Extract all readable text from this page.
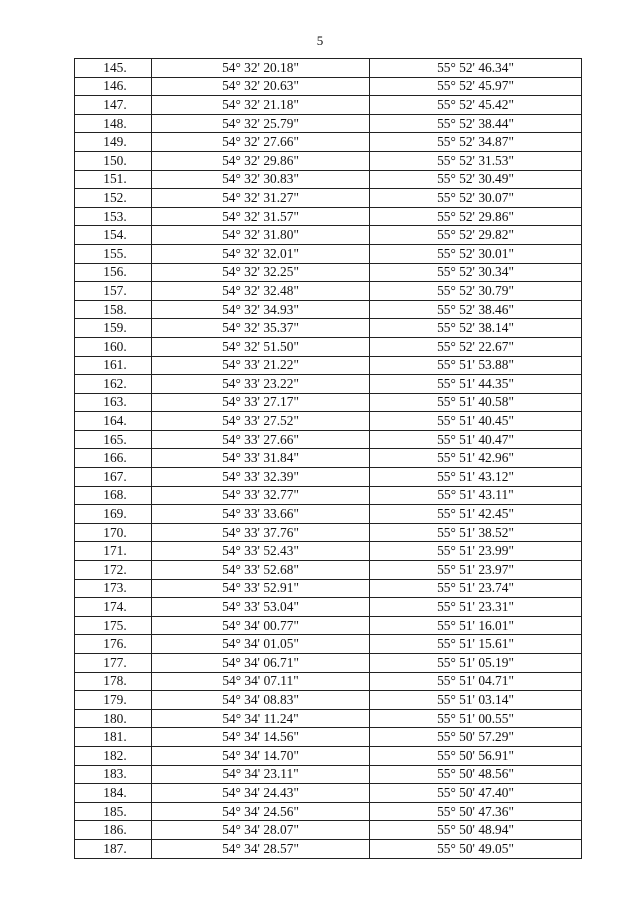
5
145.	54° 32' 20.18"	55° 52' 46.34"
146.	54° 32' 20.63"	55° 52' 45.97"
147.	54° 32' 21.18"	55° 52' 45.42"
148.	54° 32' 25.79"	55° 52' 38.44"
149.	54° 32' 27.66"	55° 52' 34.87"
150.	54° 32' 29.86"	55° 52' 31.53"
151.	54° 32' 30.83"	55° 52' 30.49"
152.	54° 32' 31.27"	55° 52' 30.07"
153.	54° 32' 31.57"	55° 52' 29.86"
154.	54° 32' 31.80"	55° 52' 29.82"
155.	54° 32' 32.01"	55° 52' 30.01"
156.	54° 32' 32.25"	55° 52' 30.34"
157.	54° 32' 32.48"	55° 52' 30.79"
158.	54° 32' 34.93"	55° 52' 38.46"
159.	54° 32' 35.37"	55° 52' 38.14"
160.	54° 32' 51.50"	55° 52' 22.67"
161.	54° 33' 21.22"	55° 51' 53.88"
162.	54° 33' 23.22"	55° 51' 44.35"
163.	54° 33' 27.17"	55° 51' 40.58"
164.	54° 33' 27.52"	55° 51' 40.45"
165.	54° 33' 27.66"	55° 51' 40.47"
166.	54° 33' 31.84"	55° 51' 42.96"
167.	54° 33' 32.39"	55° 51' 43.12"
168.	54° 33' 32.77"	55° 51' 43.11"
169.	54° 33' 33.66"	55° 51' 42.45"
170.	54° 33' 37.76"	55° 51' 38.52"
171.	54° 33' 52.43"	55° 51' 23.99"
172.	54° 33' 52.68"	55° 51' 23.97"
173.	54° 33' 52.91"	55° 51' 23.74"
174.	54° 33' 53.04"	55° 51' 23.31"
175.	54° 34' 00.77"	55° 51' 16.01"
176.	54° 34' 01.05"	55° 51' 15.61"
177.	54° 34' 06.71"	55° 51' 05.19"
178.	54° 34' 07.11"	55° 51' 04.71"
179.	54° 34' 08.83"	55° 51' 03.14"
180.	54° 34' 11.24"	55° 51' 00.55"
181.	54° 34' 14.56"	55° 50' 57.29"
182.	54° 34' 14.70"	55° 50' 56.91"
183.	54° 34' 23.11"	55° 50' 48.56"
184.	54° 34' 24.43"	55° 50' 47.40"
185.	54° 34' 24.56"	55° 50' 47.36"
186.	54° 34' 28.07"	55° 50' 48.94"
187.	54° 34' 28.57"	55° 50' 49.05"
